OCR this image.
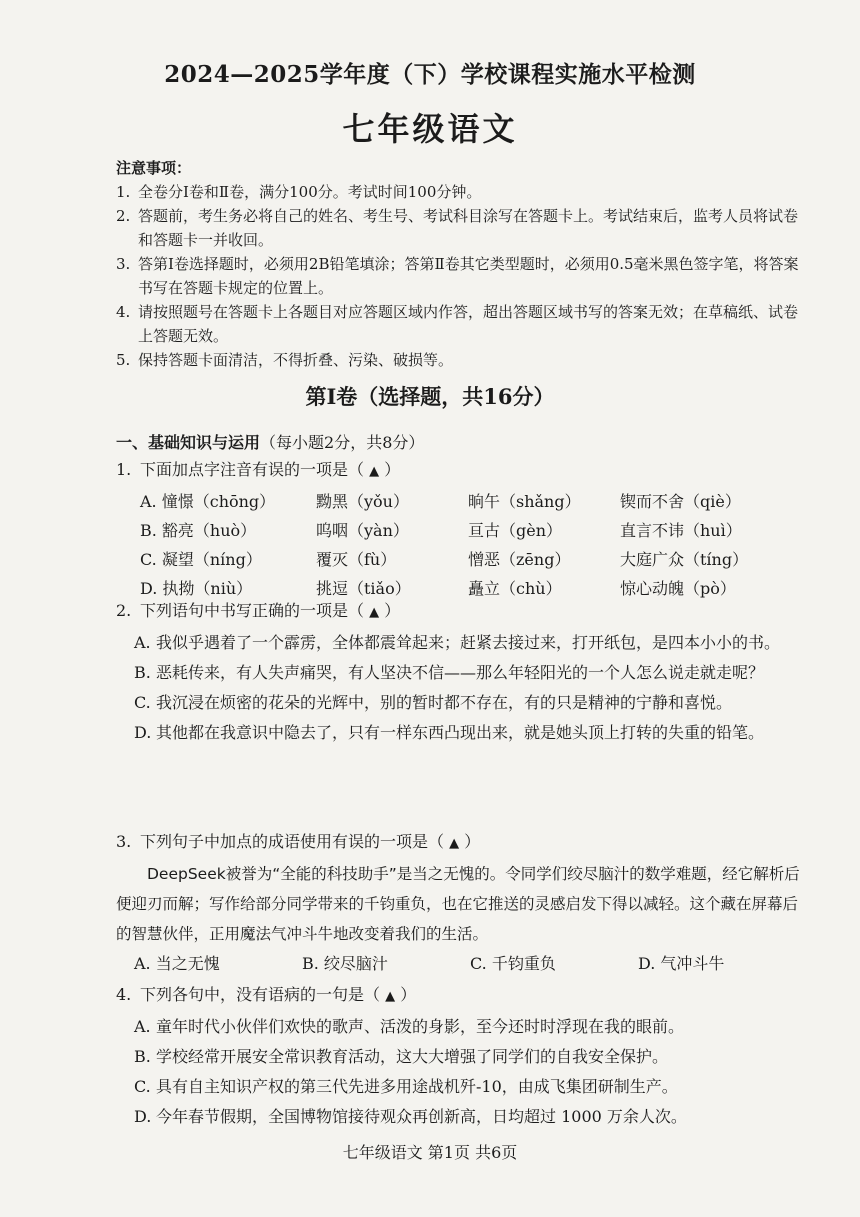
2024—2025学年度（下）学校课程实施水平检测
七年级语文
注意事项：
1. 全卷分Ⅰ卷和Ⅱ卷，满分100分。考试时间100分钟。
2. 答题前，考生务必将自己的姓名、考生号、考试科目涂写在答题卡上。考试结束后，监考人员将试卷和答题卡一并收回。
3. 答第Ⅰ卷选择题时，必须用2B铅笔填涂；答第Ⅱ卷其它类型题时，必须用0.5毫米黑色签字笔，将答案书写在答题卡规定的位置上。
4. 请按照题号在答题卡上各题目对应答题区域内作答，超出答题区域书写的答案无效；在草稿纸、试卷上答题无效。
5. 保持答题卡面清洁，不得折叠、污染、破损等。
第Ⅰ卷（选择题，共16分）
一、基础知识与运用（每小题2分，共8分）
1. 下面加点字注音有误的一项是（ ▲ ）
A. 憧憬（chōng）	黝黑（yǒu）	晌午（shǎng）	锲而不舍（qiè）
B. 豁亮（huò）	呜咽（yàn）	亘古（gèn）	直言不讳（huì）
C. 凝望（níng）	覆灭（fù）	憎恶（zēng）	大庭广众（tíng）
D. 执拗（niù）	挑逗（tiǎo）	矗立（chù）	惊心动魄（pò）
2. 下列语句中书写正确的一项是（ ▲ ）
A. 我似乎遇着了一个霹雳，全体都震耸起来；赶紧去接过来，打开纸包，是四本小小的书。
B. 恶耗传来，有人失声痛哭，有人坚决不信——那么年轻阳光的一个人怎么说走就走呢？
C. 我沉浸在烦密的花朵的光辉中，别的暂时都不存在，有的只是精神的宁静和喜悦。
D. 其他都在我意识中隐去了，只有一样东西凸现出来，就是她头顶上打转的失重的铅笔。
3. 下列句子中加点的成语使用有误的一项是（ ▲ ）
DeepSeek被誉为“全能的科技助手”是当之无愧的。令同学们绞尽脑汁的数学难题，经它解析后便迎刃而解；写作给部分同学带来的千钧重负，也在它推送的灵感启发下得以减轻。这个藏在屏幕后的智慧伙伴，正用魔法气冲斗牛地改变着我们的生活。
A. 当之无愧	B. 绞尽脑汁	C. 千钧重负	D. 气冲斗牛
4. 下列各句中，没有语病的一句是（ ▲ ）
A. 童年时代小伙伴们欢快的歌声、活泼的身影，至今还时时浮现在我的眼前。
B. 学校经常开展安全常识教育活动，这大大增强了同学们的自我安全保护。
C. 具有自主知识产权的第三代先进多用途战机歼-10，由成飞集团研制生产。
D. 今年春节假期，全国博物馆接待观众再创新高，日均超过 1000 万余人次。
七年级语文 第1页 共6页
